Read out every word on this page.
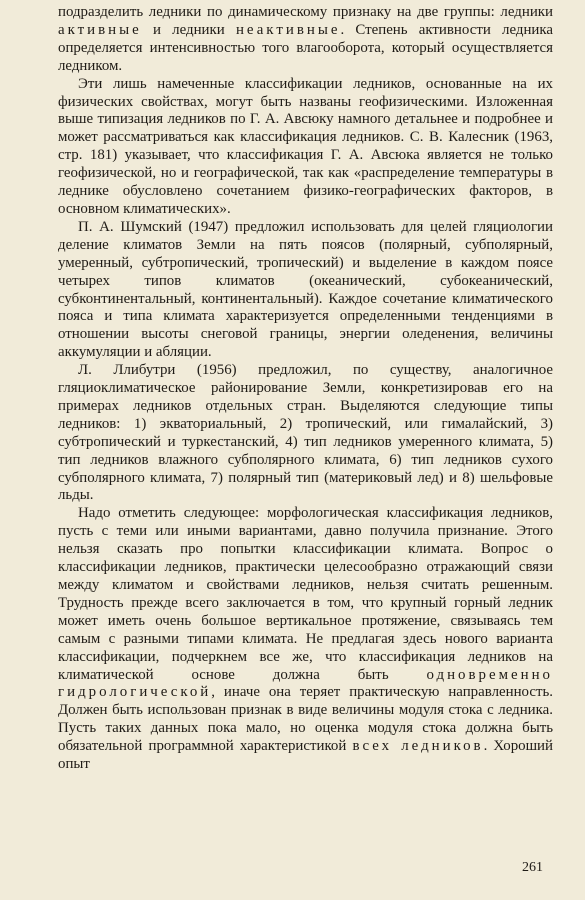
подразделить ледники по динамическому признаку на две группы: ледники активные и ледники неактивные. Степень активности ледника определяется интенсивностью того влагооборота, который осуществляется ледником.

Эти лишь намеченные классификации ледников, основанные на их физических свойствах, могут быть названы геофизическими. Изложенная выше типизация ледников по Г. А. Авсюку намного детальнее и подробнее и может рассматриваться как классификация ледников. С. В. Калесник (1963, стр. 181) указывает, что классификация Г. А. Авсюка является не только геофизической, но и географической, так как «распределение температуры в леднике обусловлено сочетанием физико-географических факторов, в основном климатических».

П. А. Шумский (1947) предложил использовать для целей гляциологии деление климатов Земли на пять поясов (полярный, субполярный, умеренный, субтропический, тропический) и выделение в каждом поясе четырех типов климатов (океанический, субокеанический, субконтинентальный, континентальный). Каждое сочетание климатического пояса и типа климата характеризуется определенными тенденциями в отношении высоты снеговой границы, энергии оледенения, величины аккумуляции и абляции.

Л. Ллибутри (1956) предложил, по существу, аналогичное гляциоклиматическое районирование Земли, конкретизировав его на примерах ледников отдельных стран. Выделяются следующие типы ледников: 1) экваториальный, 2) тропический, или гималайский, 3) субтропический и туркестанский, 4) тип ледников умеренного климата, 5) тип ледников влажного субполярного климата, 6) тип ледников сухого субполярного климата, 7) полярный тип (материковый лед) и 8) шельфовые льды.

Надо отметить следующее: морфологическая классификация ледников, пусть с теми или иными вариантами, давно получила признание. Этого нельзя сказать про попытки классификации климата. Вопрос о классификации ледников, практически целесообразно отражающий связи между климатом и свойствами ледников, нельзя считать решенным. Трудность прежде всего заключается в том, что крупный горный ледник может иметь очень большое вертикальное протяжение, связываясь тем самым с разными типами климата. Не предлагая здесь нового варианта классификации, подчеркнем все же, что классификация ледников на климатической основе должна быть одновременно гидрологической, иначе она теряет практическую направленность. Должен быть использован признак в виде величины модуля стока с ледника. Пусть таких данных пока мало, но оценка модуля стока должна быть обязательной программной характеристикой всех ледников. Хороший опыт

261
